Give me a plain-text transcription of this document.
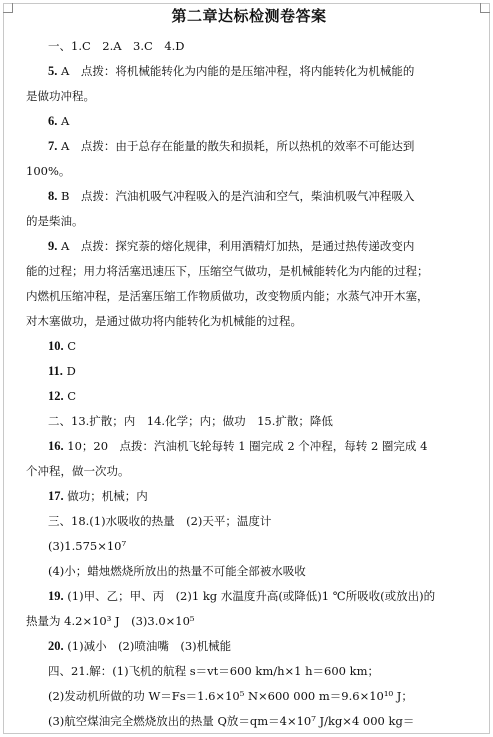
第二章达标检测卷答案
一、1.C　2.A　3.C　4.D
5. A　点拨：将机械能转化为内能的是压缩冲程，将内能转化为机械能的
是做功冲程。
6. A
7. A　点拨：由于总存在能量的散失和损耗，所以热机的效率不可能达到
100%。
8. B　点拨：汽油机吸气冲程吸入的是汽油和空气，柴油机吸气冲程吸入
的是柴油。
9. A　点拨：探究萘的熔化规律，利用酒精灯加热，是通过热传递改变内
能的过程；用力将活塞迅速压下，压缩空气做功，是机械能转化为内能的过程；
内燃机压缩冲程，是活塞压缩工作物质做功，改变物质内能；水蒸气冲开木塞，
对木塞做功，是通过做功将内能转化为机械能的过程。
10. C
11. D
12. C
二、13.扩散；内　14.化学；内；做功　15.扩散；降低
16. 10；20　点拨：汽油机飞轮每转 1 圈完成 2 个冲程，每转 2 圈完成 4
个冲程，做一次功。
17. 做功；机械；内
三、18.(1)水吸收的热量　(2)天平；温度计
(3)1.575×10⁷
(4)小；蜡烛燃烧所放出的热量不可能全部被水吸收
19. (1)甲、乙；甲、丙　(2)1 kg 水温度升高(或降低)1 ℃所吸收(或放出)的
热量为 4.2×10³ J　(3)3.0×10⁵
20. (1)减小　(2)喷油嘴　(3)机械能
四、21.解：(1)飞机的航程 s＝vt＝600 km/h×1 h＝600 km；
(2)发动机所做的功 W＝Fs＝1.6×10⁵ N×600 000 m＝9.6×10¹⁰ J；
(3)航空煤油完全燃烧放出的热量 Q放＝qm＝4×10⁷ J/kg×4 000 kg＝
